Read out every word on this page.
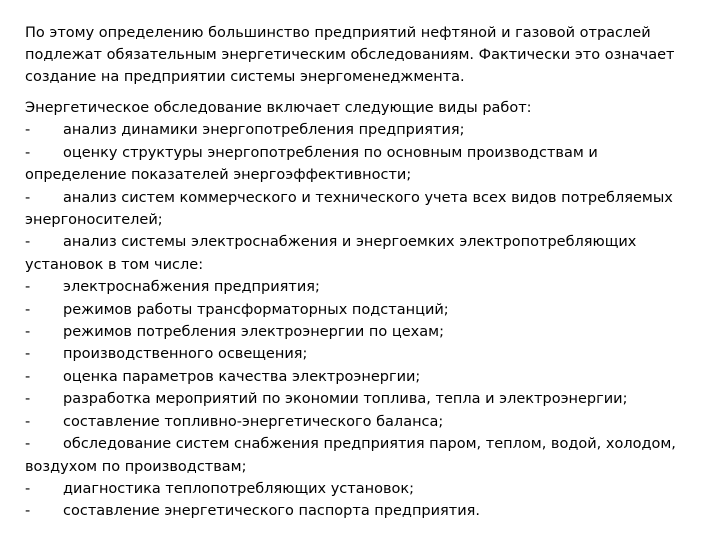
По этому определению большинство предприятий нефтяной и газовой отраслей подлежат обязательным энергетическим обследованиям. Фактически это означает создание на предприятии системы энергоменеджмента.

Энергетическое обследование включает следующие виды работ:

- анализ динамики энергопотребления предприятия;

- оценку структуры энергопотребления по основным производствам и определение показателей энергоэффективности;

- анализ систем коммерческого и технического учета всех видов потребляемых энергоносителей;

- анализ системы электроснабжения и энергоемких электропотребляющих установок в том числе:

- электроснабжения предприятия;

- режимов работы трансформаторных подстанций;

- режимов потребления электроэнергии по цехам;

- производственного освещения;

- оценка параметров качества электроэнергии;

- разработка мероприятий по экономии топлива, тепла и электроэнергии;

- составление топливно-энергетического баланса;

- обследование систем снабжения предприятия паром, теплом, водой, холодом, воздухом по производствам;

- диагностика теплопотребляющих установок;

- составление энергетического паспорта предприятия.
